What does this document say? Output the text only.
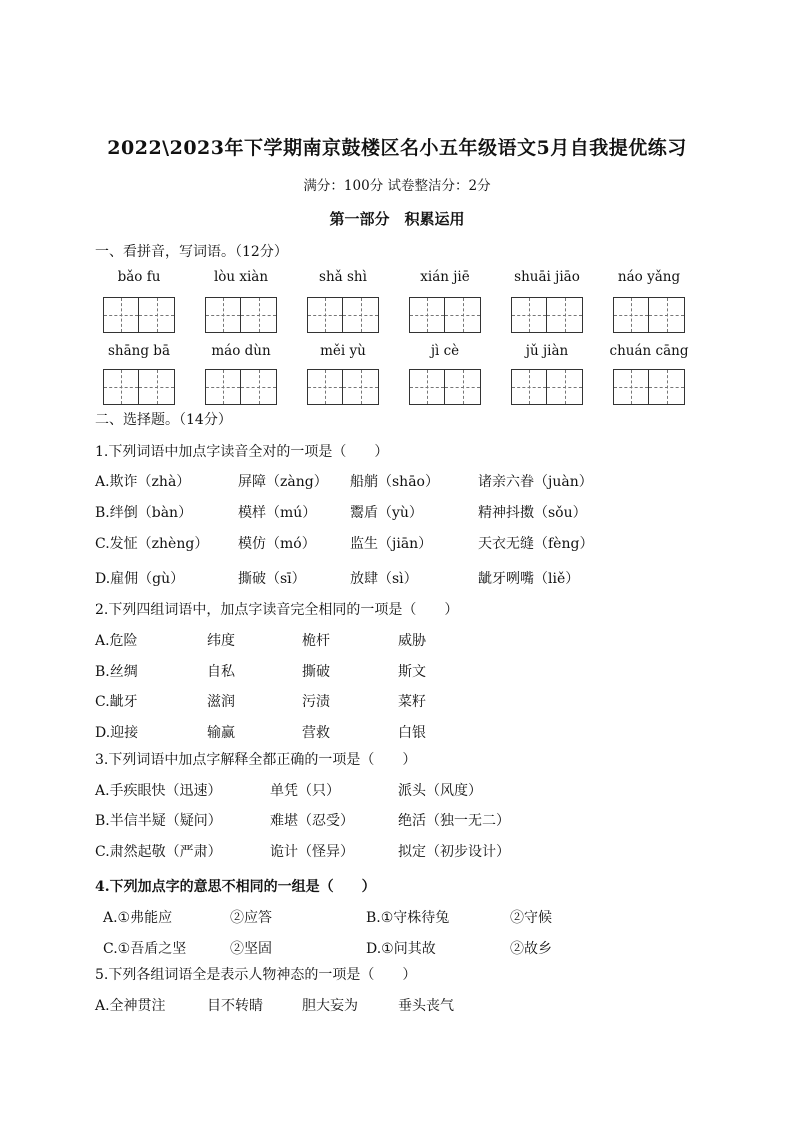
2022\2023年下学期南京鼓楼区名小五年级语文5月自我提优练习
满分：100分 试卷整洁分：2分
第一部分　积累运用
一、看拼音，写词语。（12分）
bǎo fu	lòu xiàn	shǎ shì	xián jiē	shuāi jiāo	náo yǎng
shāng bā	máo dùn	měi yù	jì cè	jǔ jiàn	chuán cāng
二、选择题。（14分）
1.下列词语中加点字读音全对的一项是（　　）
A.欺诈（zhà）	屏障（zàng） 船艄（shāo）	诸亲六眷（juàn）
B.绊倒（bàn）	模样（mú） 鬻盾（yù）	精神抖擞（sǒu）
C.发怔（zhèng） 模仿（mó） 监生（jiān）	天衣无缝（fèng）
D.雇佣（gù）	撕破（sī）	放肆（sì）	龇牙咧嘴（liě）
2.下列四组词语中，加点字读音完全相同的一项是（　　）
A.危险	纬度	桅杆	威胁
B.丝绸	自私	撕破	斯文
C.龇牙	滋润	污渍	菜籽
D.迎接	输赢	营救	白银
3.下列词语中加点字解释全都正确的一项是（　　）
A.手疾眼快（迅速）	单凭（只）	派头（风度）
B.半信半疑（疑问）	难堪（忍受）	绝活（独一无二）
C.肃然起敬（严肃）	诡计（怪异）	拟定（初步设计）
4.下列加点字的意思不相同的一组是（　　）
A.①弗能应	②应答	B.①守株待兔	②守候
C.①吾盾之坚	②坚固	D.①问其故	②故乡
5.下列各组词语全是表示人物神态的一项是（　　）
A.全神贯注	目不转睛	胆大妄为	垂头丧气
